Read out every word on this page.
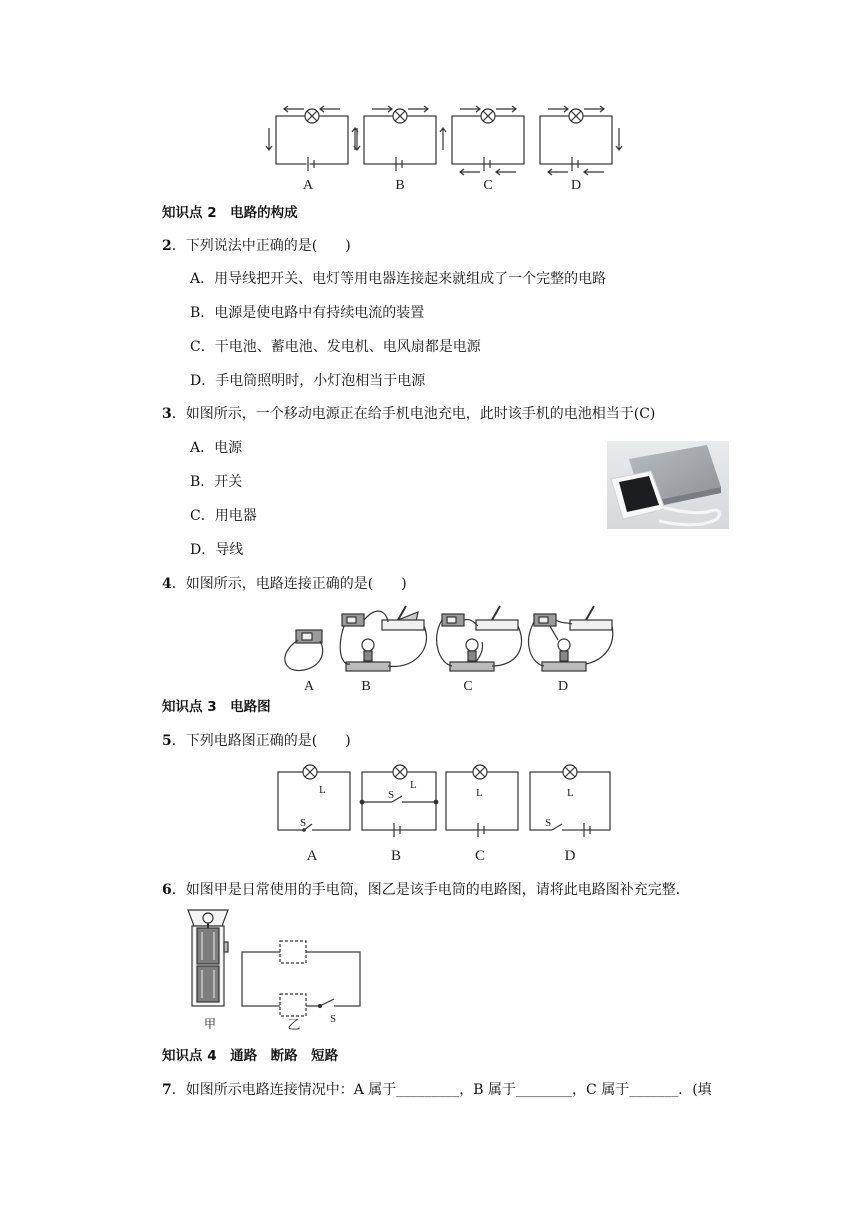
A	B	C	D
知识点 2　电路的构成
2．下列说法中正确的是(　　)
A．用导线把开关、电灯等用电器连接起来就组成了一个完整的电路
B．电源是使电路中有持续电流的装置
C．干电池、蓄电池、发电机、电风扇都是电源
D．手电筒照明时，小灯泡相当于电源
3．如图所示，一个移动电源正在给手机电池充电，此时该手机的电池相当于(C)
A．电源
B．开关
C．用电器
D．导线
4．如图所示，电路连接正确的是(　　)
A	B	C	D
知识点 3　电路图
5．下列电路图正确的是(　　)
L
S
S
L
L	L
S
A	B	C	D
6．如图甲是日常使用的手电筒，图乙是该手电筒的电路图，请将此电路图补充完整．
S
甲	乙
知识点 4　通路　断路　短路
7．如图所示电路连接情况中：A 属于_________，B 属于________，C 属于_______．(填
